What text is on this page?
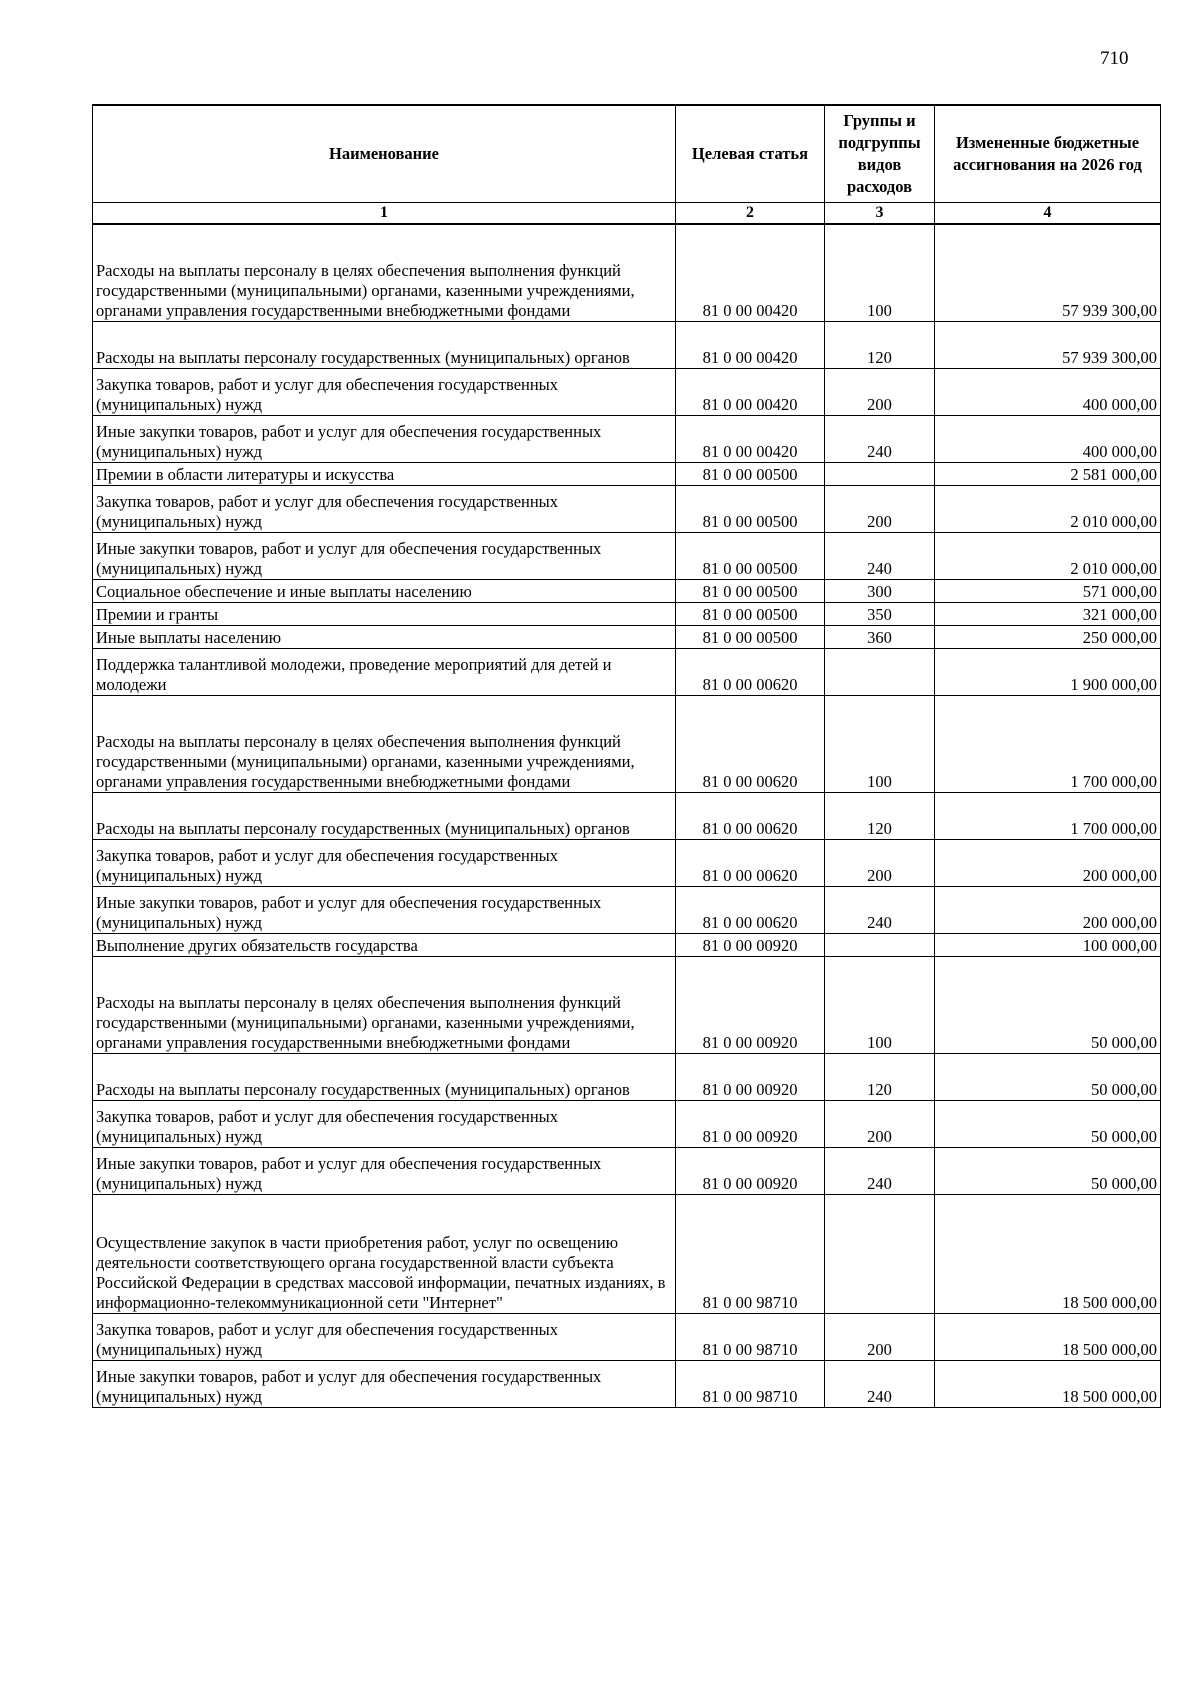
710
Наименование	Целевая статья	Группы и подгруппы видов расходов	Измененные бюджетные ассигнования на 2026 год
1	2	3	4
Расходы на выплаты персоналу в целях обеспечения выполнения функций государственными (муниципальными) органами, казенными учреждениями, органами управления государственными внебюджетными фондами	81 0 00 00420	100	57 939 300,00
Расходы на выплаты персоналу государственных (муниципальных) органов	81 0 00 00420	120	57 939 300,00
Закупка товаров, работ и услуг для обеспечения государственных (муниципальных) нужд	81 0 00 00420	200	400 000,00
Иные закупки товаров, работ и услуг для обеспечения государственных (муниципальных) нужд	81 0 00 00420	240	400 000,00
Премии в области литературы и искусства	81 0 00 00500		2 581 000,00
Закупка товаров, работ и услуг для обеспечения государственных (муниципальных) нужд	81 0 00 00500	200	2 010 000,00
Иные закупки товаров, работ и услуг для обеспечения государственных (муниципальных) нужд	81 0 00 00500	240	2 010 000,00
Социальное обеспечение и иные выплаты населению	81 0 00 00500	300	571 000,00
Премии и гранты	81 0 00 00500	350	321 000,00
Иные выплаты населению	81 0 00 00500	360	250 000,00
Поддержка талантливой молодежи, проведение мероприятий для детей и молодежи	81 0 00 00620		1 900 000,00
Расходы на выплаты персоналу в целях обеспечения выполнения функций государственными (муниципальными) органами, казенными учреждениями, органами управления государственными внебюджетными фондами	81 0 00 00620	100	1 700 000,00
Расходы на выплаты персоналу государственных (муниципальных) органов	81 0 00 00620	120	1 700 000,00
Закупка товаров, работ и услуг для обеспечения государственных (муниципальных) нужд	81 0 00 00620	200	200 000,00
Иные закупки товаров, работ и услуг для обеспечения государственных (муниципальных) нужд	81 0 00 00620	240	200 000,00
Выполнение других обязательств государства	81 0 00 00920		100 000,00
Расходы на выплаты персоналу в целях обеспечения выполнения функций государственными (муниципальными) органами, казенными учреждениями, органами управления государственными внебюджетными фондами	81 0 00 00920	100	50 000,00
Расходы на выплаты персоналу государственных (муниципальных) органов	81 0 00 00920	120	50 000,00
Закупка товаров, работ и услуг для обеспечения государственных (муниципальных) нужд	81 0 00 00920	200	50 000,00
Иные закупки товаров, работ и услуг для обеспечения государственных (муниципальных) нужд	81 0 00 00920	240	50 000,00
Осуществление закупок в части приобретения работ, услуг по освещению деятельности соответствующего органа государственной власти субъекта Российской Федерации в средствах массовой информации, печатных изданиях, в информационно-телекоммуникационной сети "Интернет"	81 0 00 98710		18 500 000,00
Закупка товаров, работ и услуг для обеспечения государственных (муниципальных) нужд	81 0 00 98710	200	18 500 000,00
Иные закупки товаров, работ и услуг для обеспечения государственных (муниципальных) нужд	81 0 00 98710	240	18 500 000,00
